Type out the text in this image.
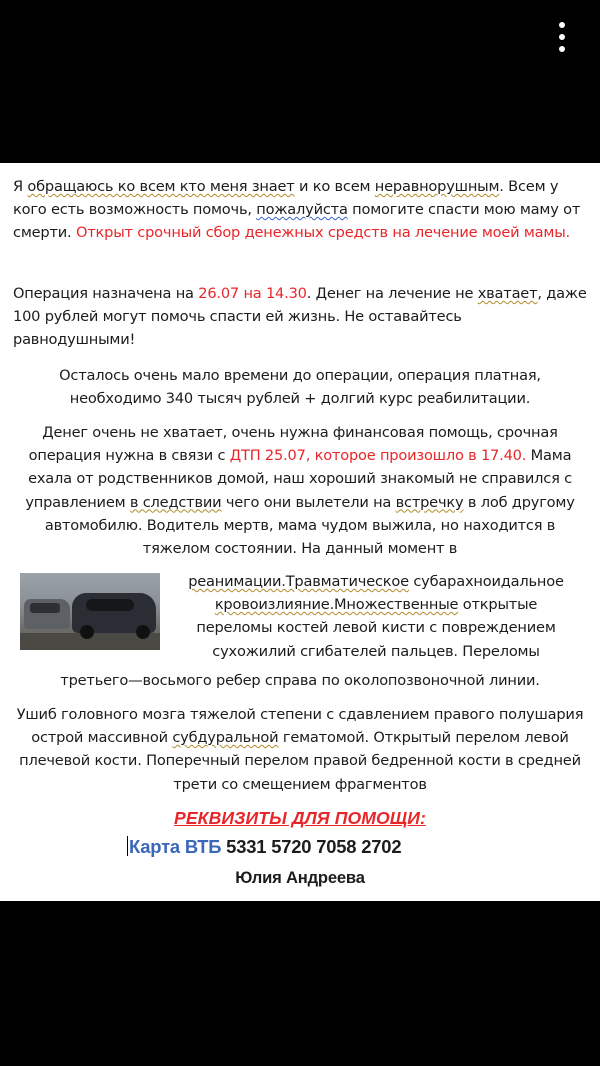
Я обращаюсь ко всем кто меня знает и ко всем неравнорушным. Всем у кого есть возможность помочь, пожалуйста помогите спасти мою маму от смерти. Открыт срочный сбор денежных средств на лечение моей мамы.

Операция назначена на 26.07 на 14.30. Денег на лечение не хватает, даже 100 рублей могут помочь спасти ей жизнь. Не оставайтесь равнодушными!

Осталось очень мало времени до операции, операция платная, необходимо 340 тысяч рублей + долгий курс реабилитации.

Денег очень не хватает, очень нужна финансовая помощь, срочная операция нужна в связи с ДТП 25.07, которое произошло в 17.40. Мама ехала от родственников домой, наш хороший знакомый не справился с управлением в следствии чего они вылетели на встречку в лоб другому автомобилю. Водитель мертв, мама чудом выжила, но находится в тяжелом состоянии. На данный момент в

реанимации.Травматическое субарахноидальное
кровоизлияние.Множественные открытые
переломы костей левой кисти с повреждением
сухожилий сгибателей пальцев. Переломы

третьего—восьмого ребер справа по околопозвоночной линии.

Ушиб головного мозга тяжелой степени с сдавлением правого полушария острой массивной субдуральной гематомой. Открытый перелом левой плечевой кости. Поперечный перелом правой бедренной кости в средней трети со смещением фрагментов

РЕКВИЗИТЫ ДЛЯ ПОМОЩИ:
Карта ВТБ 5331 5720 7058 2702
Юлия Андреева
